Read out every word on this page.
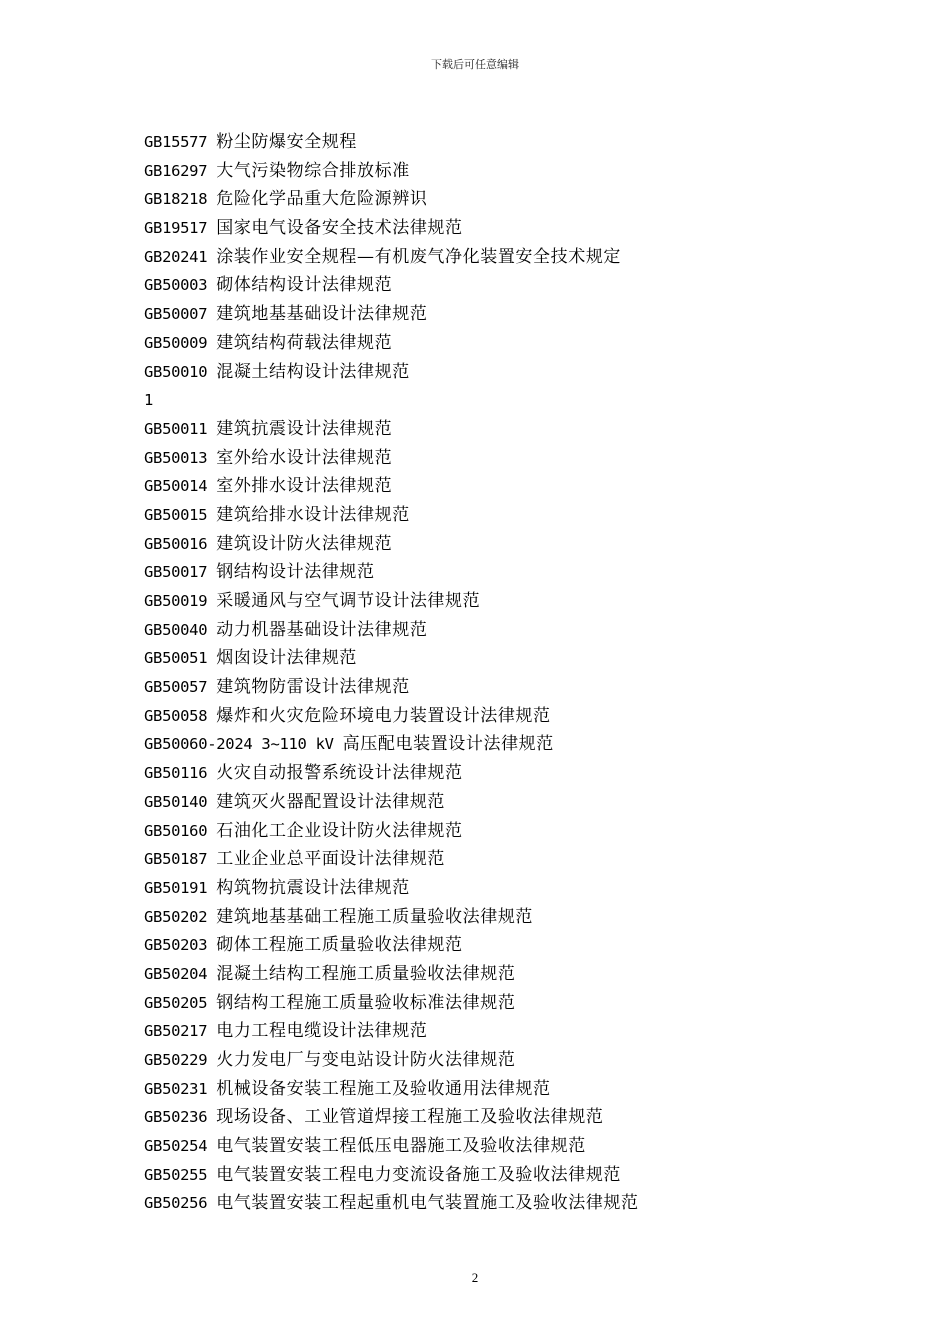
下载后可任意编辑
GB15577 粉尘防爆安全规程
GB16297 大气污染物综合排放标准
GB18218 危险化学品重大危险源辨识
GB19517 国家电气设备安全技术法律规范
GB20241 涂装作业安全规程—有机废气净化装置安全技术规定
GB50003 砌体结构设计法律规范
GB50007 建筑地基基础设计法律规范
GB50009 建筑结构荷载法律规范
GB50010 混凝土结构设计法律规范
1
GB50011 建筑抗震设计法律规范
GB50013 室外给水设计法律规范
GB50014 室外排水设计法律规范
GB50015 建筑给排水设计法律规范
GB50016 建筑设计防火法律规范
GB50017 钢结构设计法律规范
GB50019 采暖通风与空气调节设计法律规范
GB50040 动力机器基础设计法律规范
GB50051 烟囱设计法律规范
GB50057 建筑物防雷设计法律规范
GB50058 爆炸和火灾危险环境电力装置设计法律规范
GB50060-2024 3~110 kV 高压配电装置设计法律规范
GB50116 火灾自动报警系统设计法律规范
GB50140 建筑灭火器配置设计法律规范
GB50160 石油化工企业设计防火法律规范
GB50187 工业企业总平面设计法律规范
GB50191 构筑物抗震设计法律规范
GB50202 建筑地基基础工程施工质量验收法律规范
GB50203 砌体工程施工质量验收法律规范
GB50204 混凝土结构工程施工质量验收法律规范
GB50205 钢结构工程施工质量验收标准法律规范
GB50217 电力工程电缆设计法律规范
GB50229 火力发电厂与变电站设计防火法律规范
GB50231 机械设备安装工程施工及验收通用法律规范
GB50236 现场设备、工业管道焊接工程施工及验收法律规范
GB50254 电气装置安装工程低压电器施工及验收法律规范
GB50255 电气装置安装工程电力变流设备施工及验收法律规范
GB50256 电气装置安装工程起重机电气装置施工及验收法律规范
2
